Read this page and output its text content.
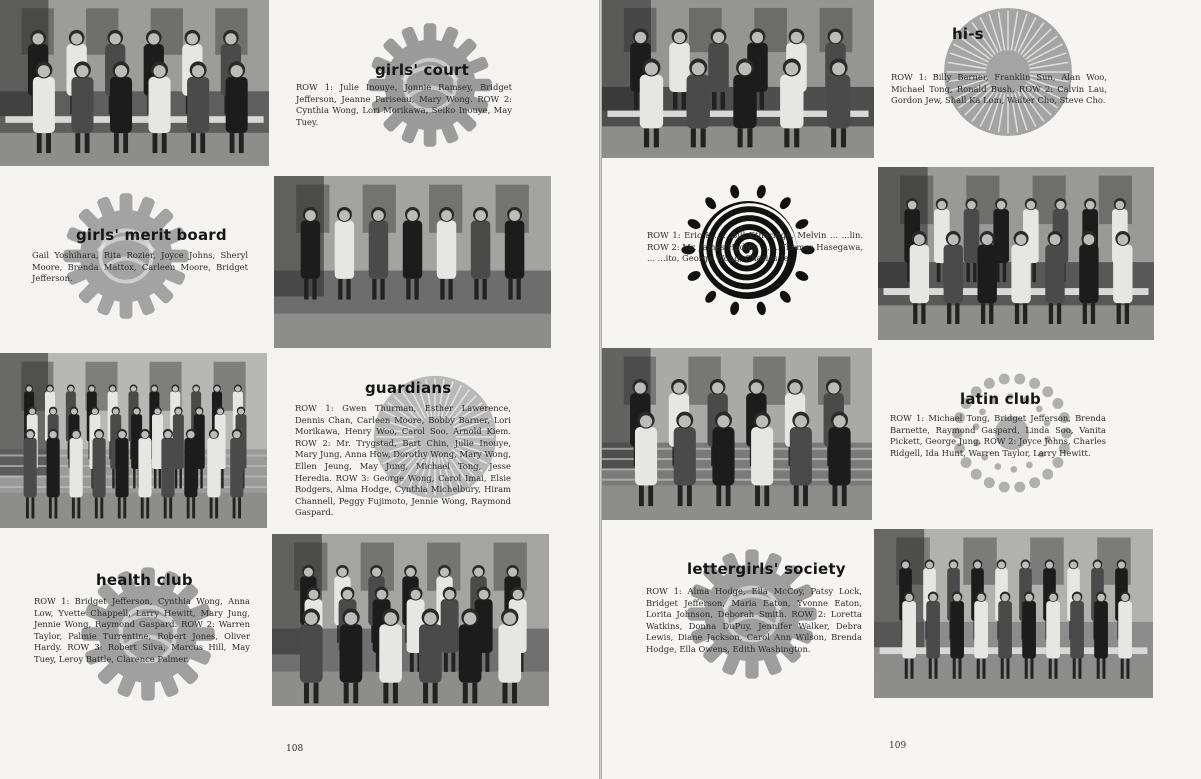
girls' court
ROW 1: Julie Inouye, Jonnie Ramsey, Bridget Jefferson, Jeanne Pariseau, Mary Wong. ROW 2: Cynthia Wong, Lori Morikawa, Seiko Inouye, May Tuey.
girls' merit board
Gail Yoshihara, Rita Rozier, Joyce Johns, Sheryl Moore, Brenda Mattox, Carleen Moore, Bridget Jefferson.
guardians
ROW 1: Gwen Thurman, Esther Lawerence, Dennis Chan, Carleen Moore, Bobby Barner, Lori Morikawa, Henry Woo, Carol Soo, Arnold Kiem. ROW 2: Mr. Trygstad, Bart Chin, Julie Inouye, Mary Jung, Anna How, Dorothy Wong, Mary Wong, Ellen Jeung, May Jung, Michael Tong, Jesse Heredia. ROW 3: George Wong, Carol Imai, Elsie Rodgers, Alma Hodge, Cynthia Michelbury, Hiram Channell, Peggy Fujimoto, Jennie Wong, Raymond Gaspard.
health club
ROW 1: Bridget Jefferson, Cynthia Wong, Anna Low, Yvette Chappell, Larry Hewitt, Mary Jung, Jennie Wong, Raymond Gaspard. ROW 2: Warren Taylor, Palmie Turrentine, Robert Jones, Oliver Hardy. ROW 3: Robert Silva, Marcus Hill, May Tuey, Leroy Battle, Clarence Palmer.
108
hi-s
ROW 1: Billy Barner, Franklin Sun, Alan Woo, Michael Tong, Ronald Bush. ROW 2: Calvin Lau, Gordon Jew, Shall Ka Lom, Walter Cho, Steve Cho.
ROW 1: Eric K... ...Bill Etheridge, Melvin ... ...lin. ROW 2: Mr. James Hadley, ... ...Thomas Hasegawa, ... ...ito, George Wong, Charles Je...
latin club
ROW 1: Michael Tong, Bridget Jefferson, Brenda Barnette, Raymond Gaspard, Linda Soo, Vanita Pickett, George Jung. ROW 2: Joyce Johns, Charles Ridgell, Ida Hunt, Warren Taylor, Larry Hewitt.
lettergirls' society
ROW 1: Alma Hodge, Ella McCoy, Patsy Lock, Bridget Jefferson, Maria Eaton, Yvonne Eaton, Lorita Johnson, Deborah Smith. ROW 2: Loretta Watkins, Donna DuPuy, Jennifer Walker, Debra Lewis, Diane Jackson, Carol Ann Wilson, Brenda Hodge, Ella Owens, Edith Washington.
109
